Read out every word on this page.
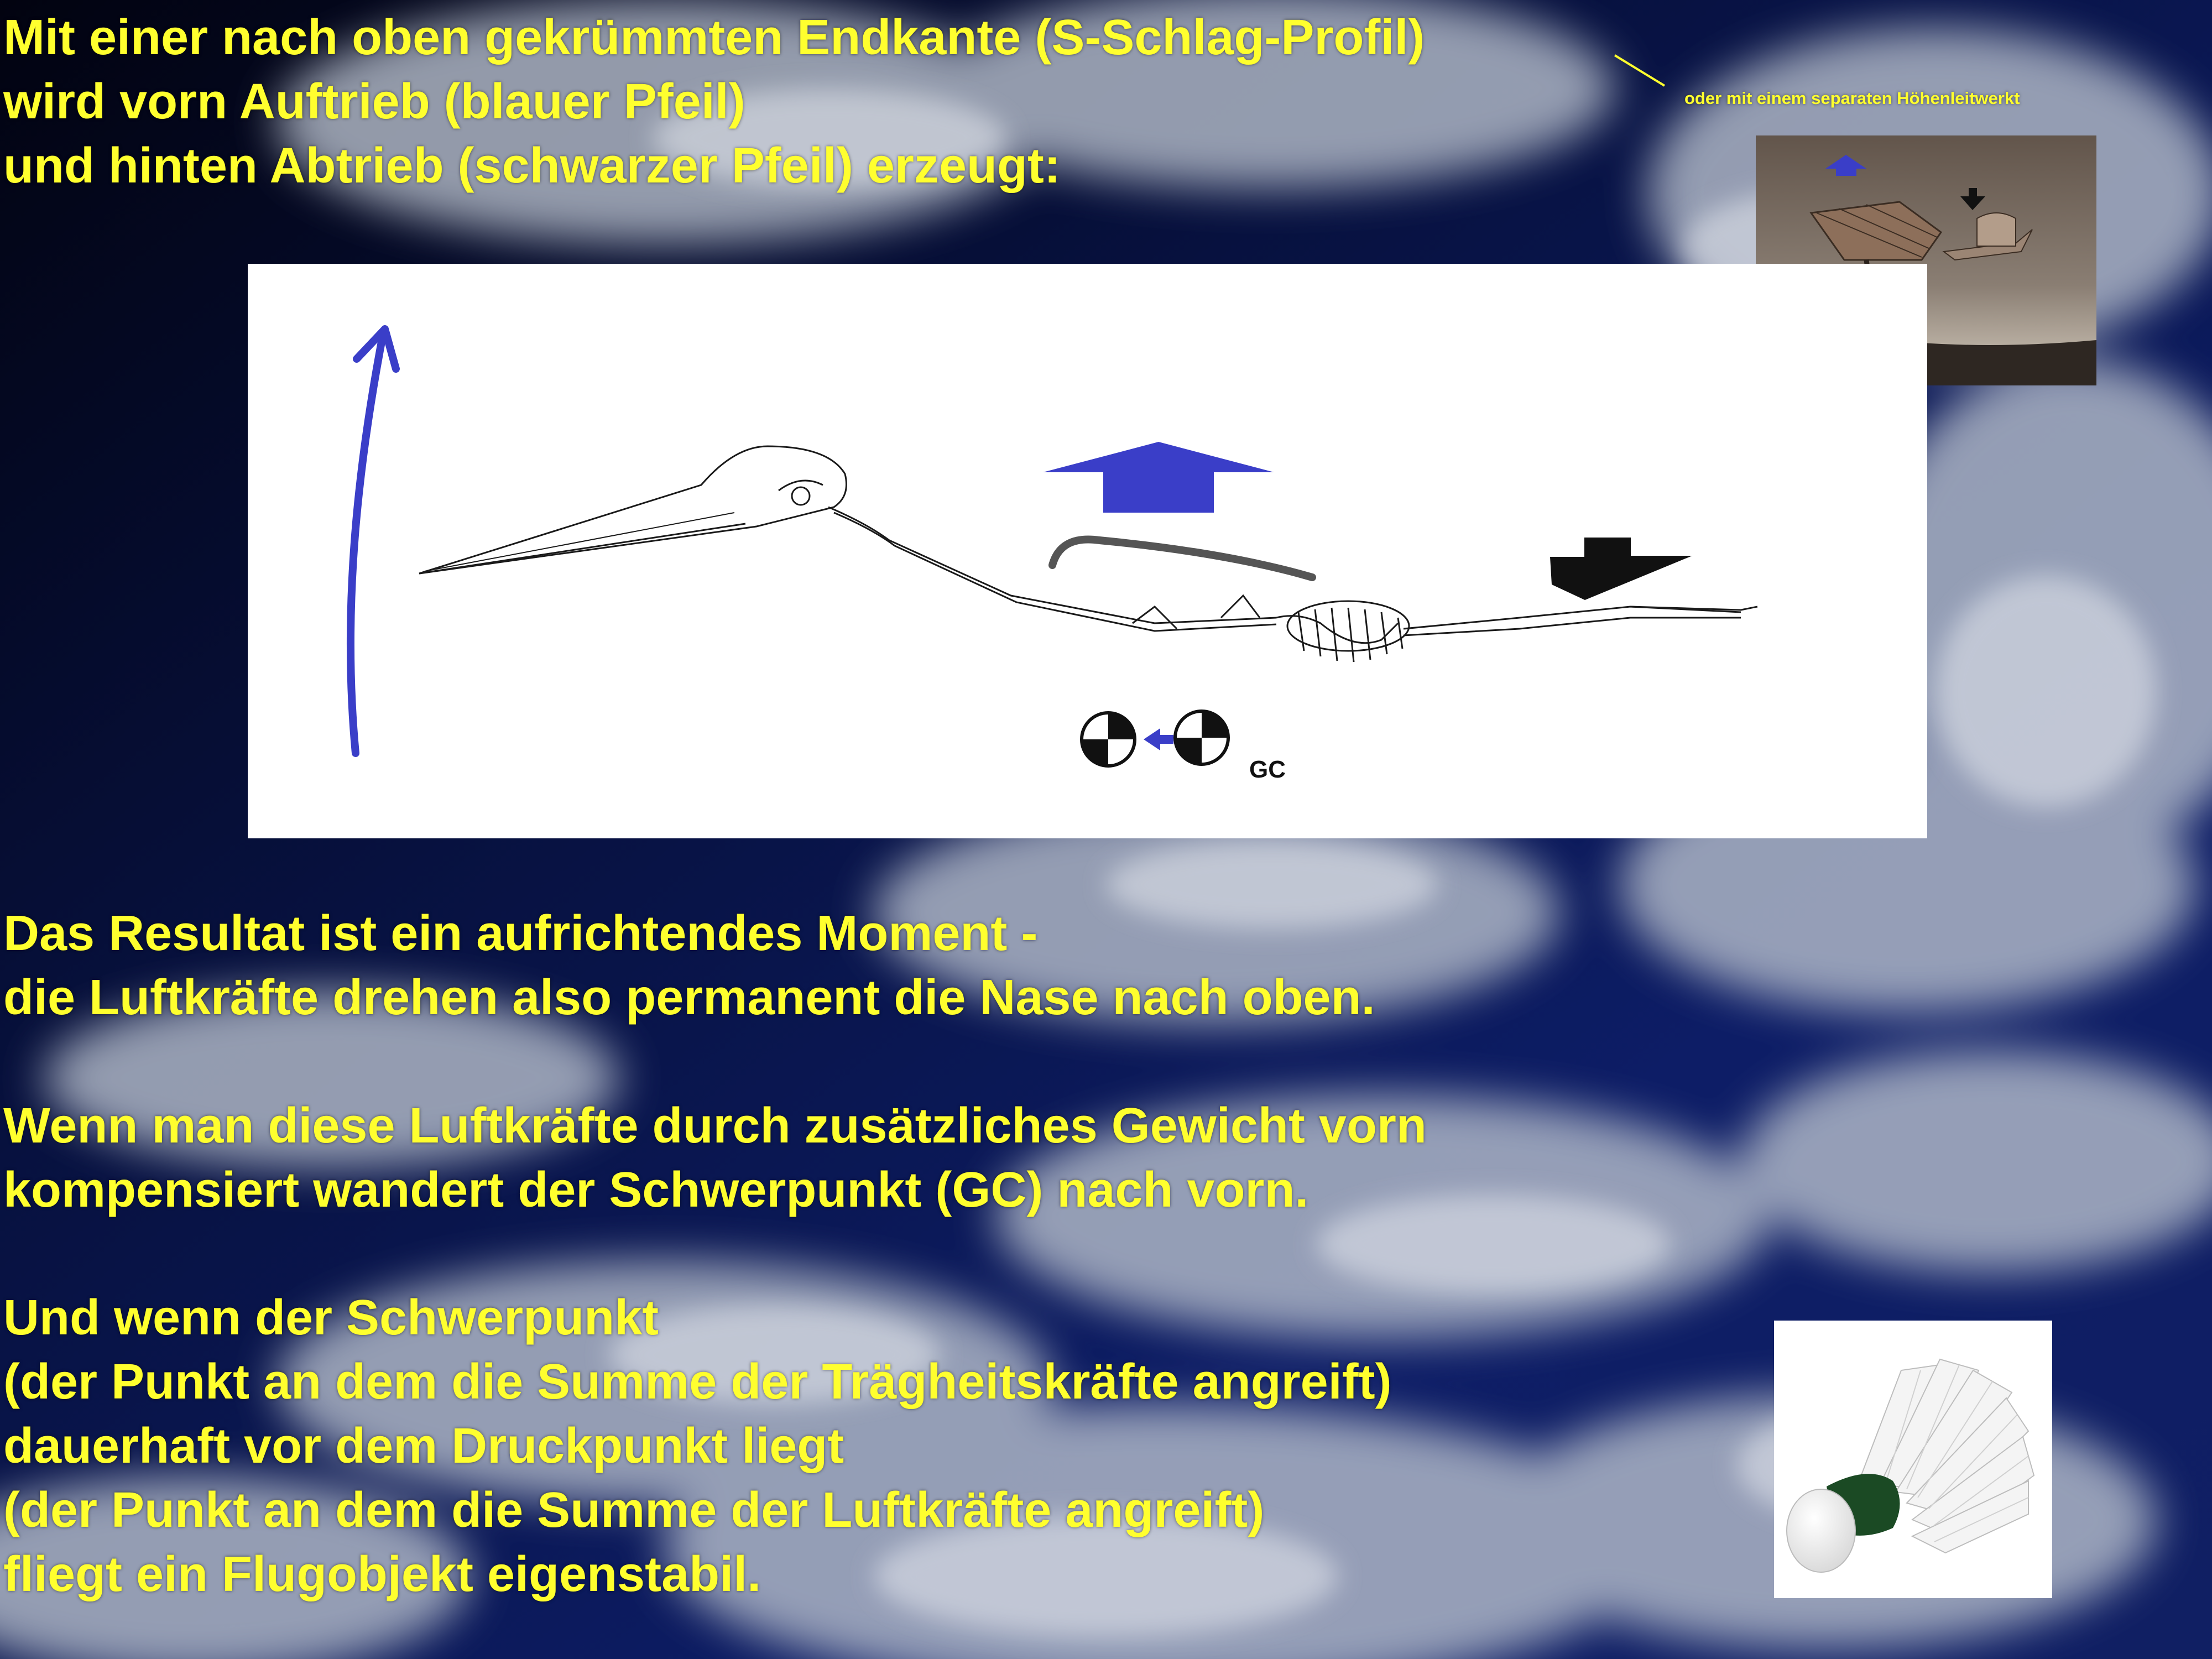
Mit einer nach oben gekrümmten Endkante (S-Schlag-Profil)
wird vorn Auftrieb (blauer Pfeil)
und hinten Abtrieb (schwarzer Pfeil) erzeugt:
oder mit einem separaten Höhenleitwerkt
GC
Das Resultat ist ein aufrichtendes Moment -
die Luftkräfte drehen also permanent die Nase nach oben.
Wenn man diese Luftkräfte durch zusätzliches Gewicht vorn
kompensiert wandert der Schwerpunkt (GC) nach vorn.
Und wenn der Schwerpunkt
(der Punkt an dem die Summe der Trägheitskräfte angreift)
dauerhaft vor dem Druckpunkt liegt
(der Punkt an dem die Summe der Luftkräfte angreift)
fliegt ein Flugobjekt eigenstabil.
